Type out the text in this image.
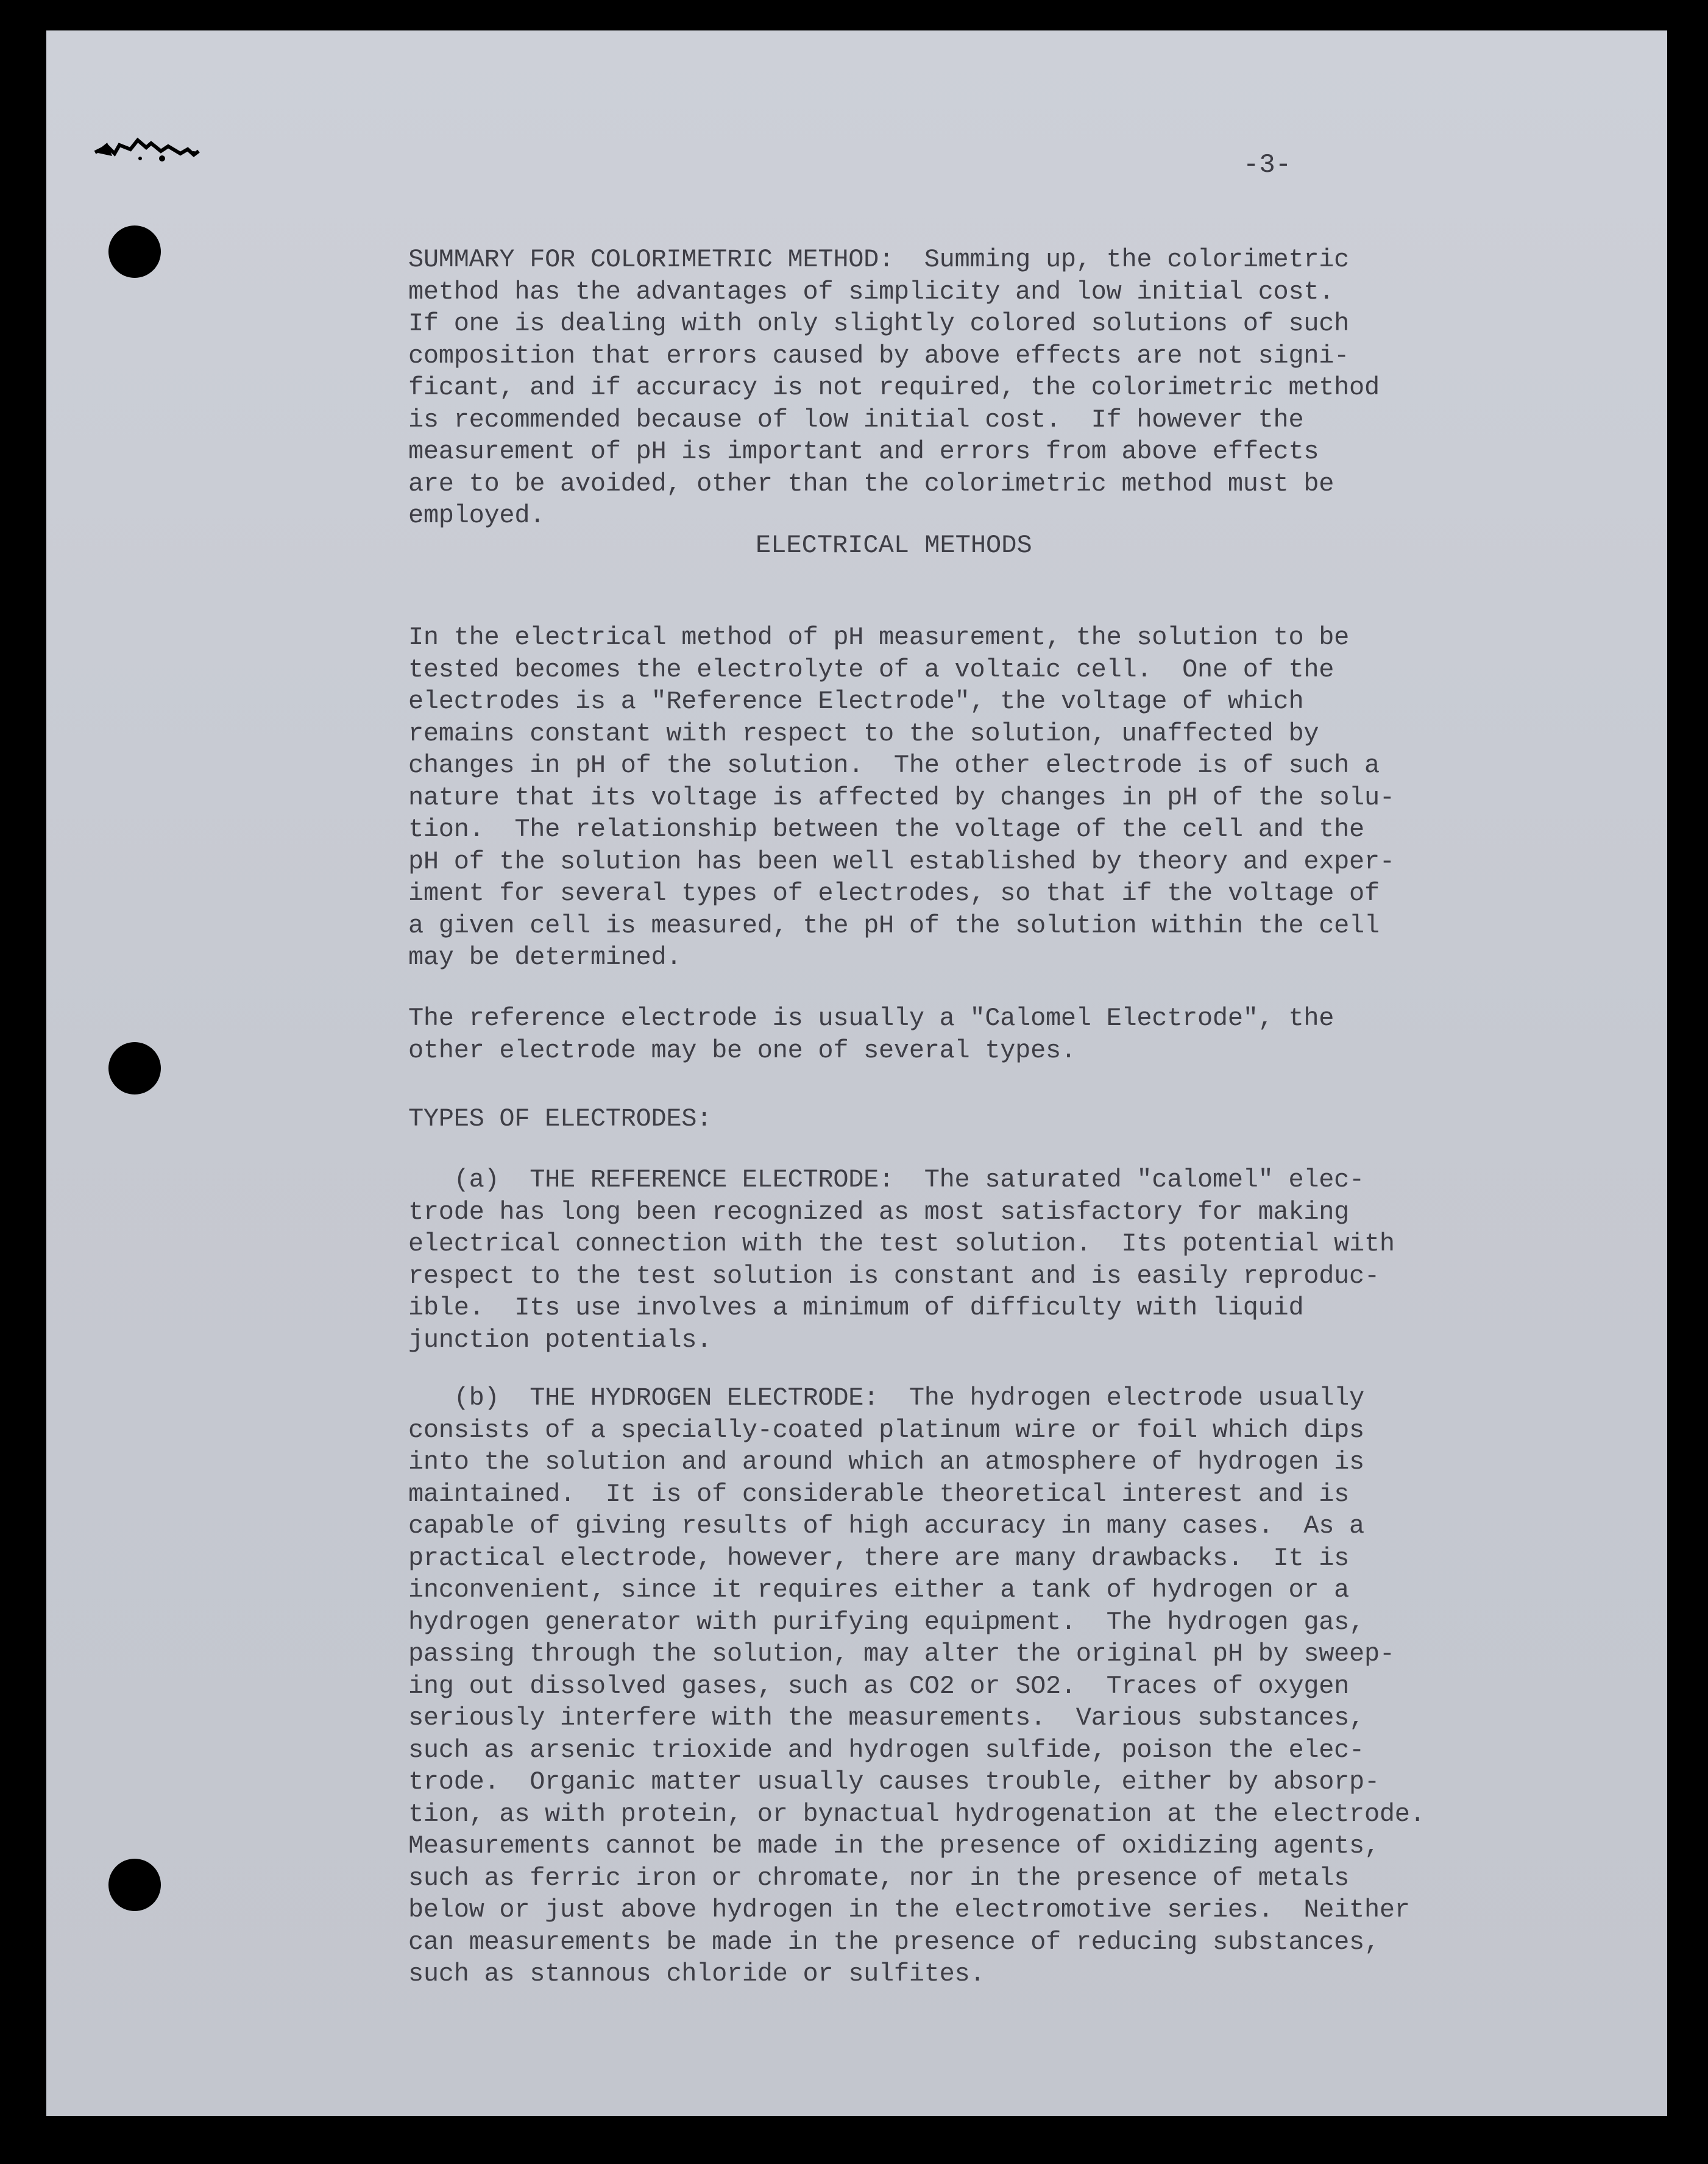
-3-

SUMMARY FOR COLORIMETRIC METHOD:  Summing up, the colorimetric

method has the advantages of simplicity and low initial cost.

If one is dealing with only slightly colored solutions of such

composition that errors caused by above effects are not signi-

ficant, and if accuracy is not required, the colorimetric method

is recommended because of low initial cost.  If however the

measurement of pH is important and errors from above effects

are to be avoided, other than the colorimetric method must be

employed.

ELECTRICAL METHODS

In the electrical method of pH measurement, the solution to be

tested becomes the electrolyte of a voltaic cell.  One of the

electrodes is a "Reference Electrode", the voltage of which

remains constant with respect to the solution, unaffected by

changes in pH of the solution.  The other electrode is of such a

nature that its voltage is affected by changes in pH of the solu-

tion.  The relationship between the voltage of the cell and the

pH of the solution has been well established by theory and exper-

iment for several types of electrodes, so that if the voltage of

a given cell is measured, the pH of the solution within the cell

may be determined.

The reference electrode is usually a "Calomel Electrode", the

other electrode may be one of several types.

TYPES OF ELECTRODES:

(a)  THE REFERENCE ELECTRODE:  The saturated "calomel" elec-

trode has long been recognized as most satisfactory for making

electrical connection with the test solution.  Its potential with

respect to the test solution is constant and is easily reproduc-

ible.  Its use involves a minimum of difficulty with liquid

junction potentials.

(b)  THE HYDROGEN ELECTRODE:  The hydrogen electrode usually

consists of a specially-coated platinum wire or foil which dips

into the solution and around which an atmosphere of hydrogen is

maintained.  It is of considerable theoretical interest and is

capable of giving results of high accuracy in many cases.  As a

practical electrode, however, there are many drawbacks.  It is

inconvenient, since it requires either a tank of hydrogen or a

hydrogen generator with purifying equipment.  The hydrogen gas,

passing through the solution, may alter the original pH by sweep-

ing out dissolved gases, such as CO2 or SO2.  Traces of oxygen

seriously interfere with the measurements.  Various substances,

such as arsenic trioxide and hydrogen sulfide, poison the elec-

trode.  Organic matter usually causes trouble, either by absorp-

tion, as with protein, or bynactual hydrogenation at the electrode.

Measurements cannot be made in the presence of oxidizing agents,

such as ferric iron or chromate, nor in the presence of metals

below or just above hydrogen in the electromotive series.  Neither

can measurements be made in the presence of reducing substances,

such as stannous chloride or sulfites.
